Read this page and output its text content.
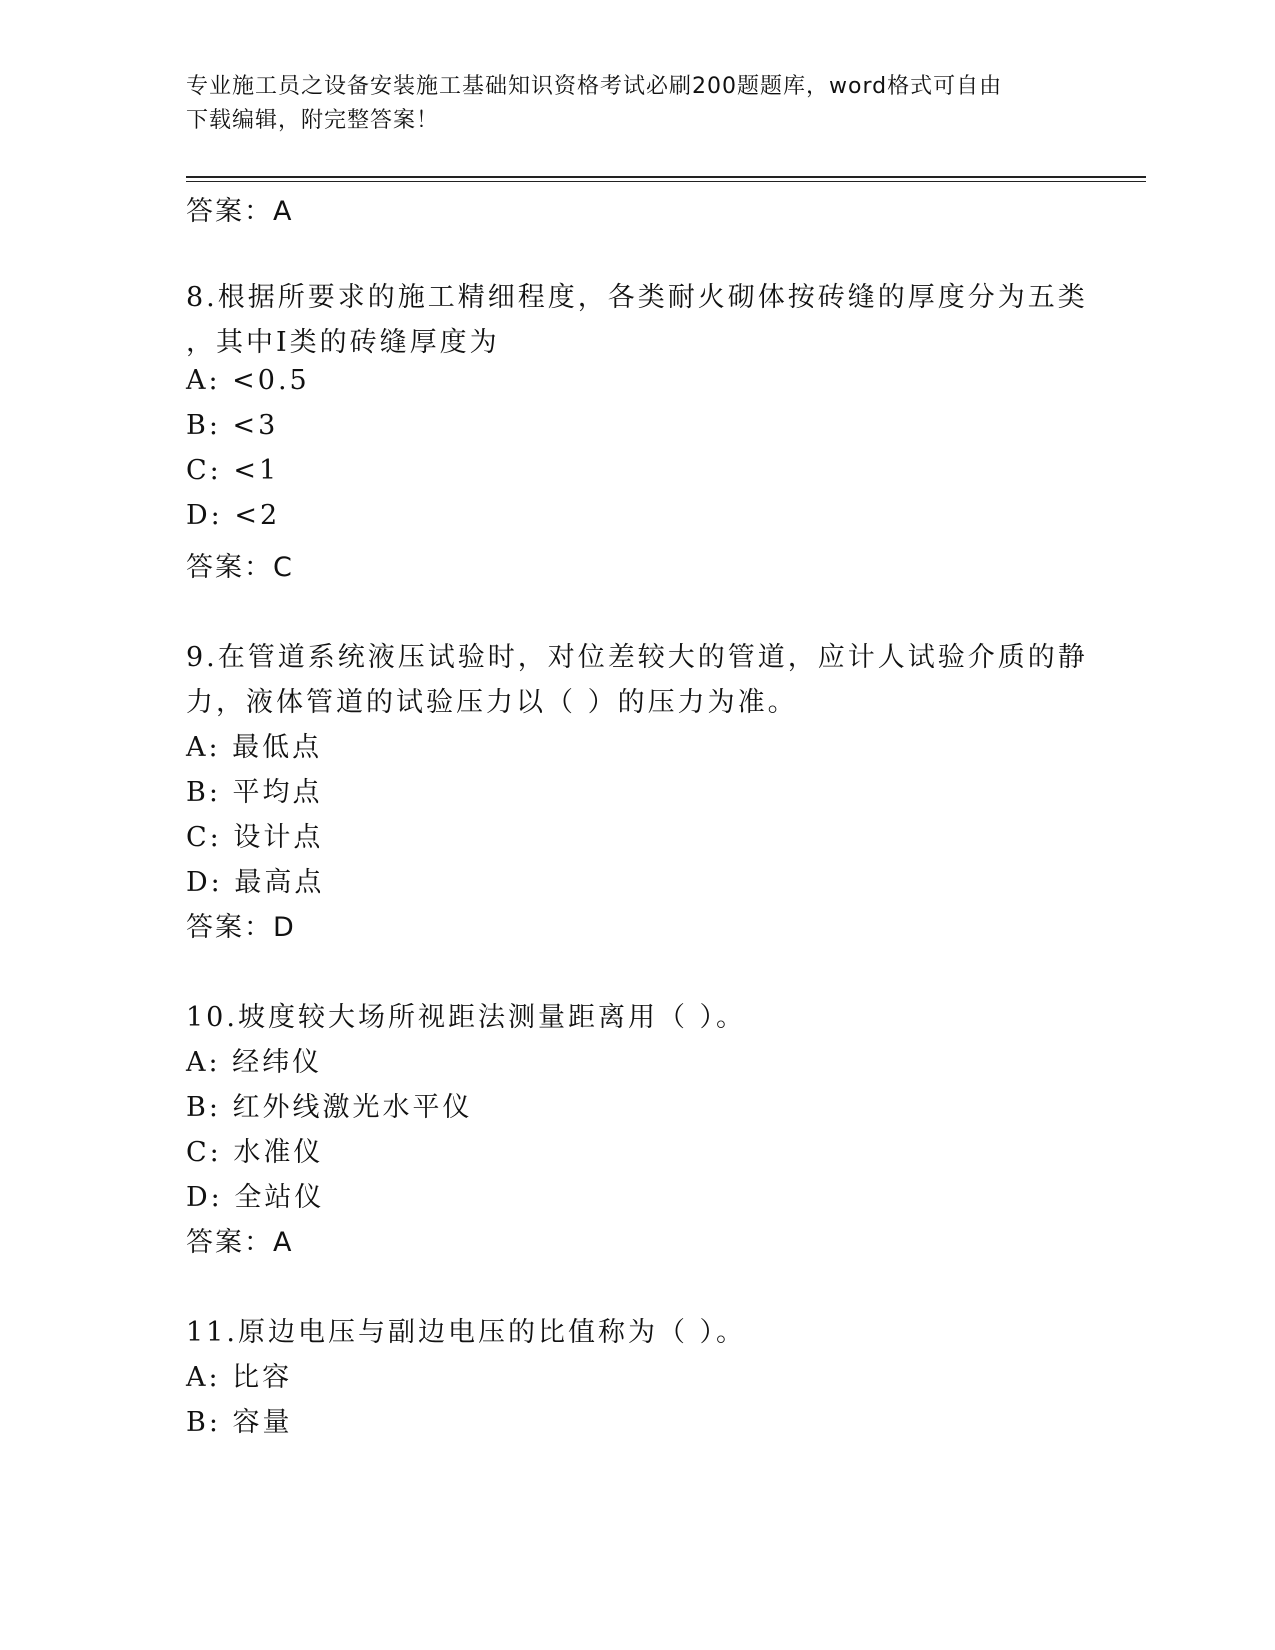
专业施工员之设备安装施工基础知识资格考试必刷200题题库，word格式可自由
下载编辑，附完整答案！
答案：A
8.根据所要求的施工精细程度，各类耐火砌体按砖缝的厚度分为五类
，其中Ⅰ类的砖缝厚度为
A: <0.5
B: <3
C: <1
D: <2
答案：C
9.在管道系统液压试验时，对位差较大的管道，应计人试验介质的静
力，液体管道的试验压力以（ ）的压力为准。
A: 最低点
B: 平均点
C: 设计点
D: 最高点
答案：D
10.坡度较大场所视距法测量距离用（ ）。
A: 经纬仪
B: 红外线激光水平仪
C: 水准仪
D: 全站仪
答案：A
11.原边电压与副边电压的比值称为（ ）。
A: 比容
B: 容量
